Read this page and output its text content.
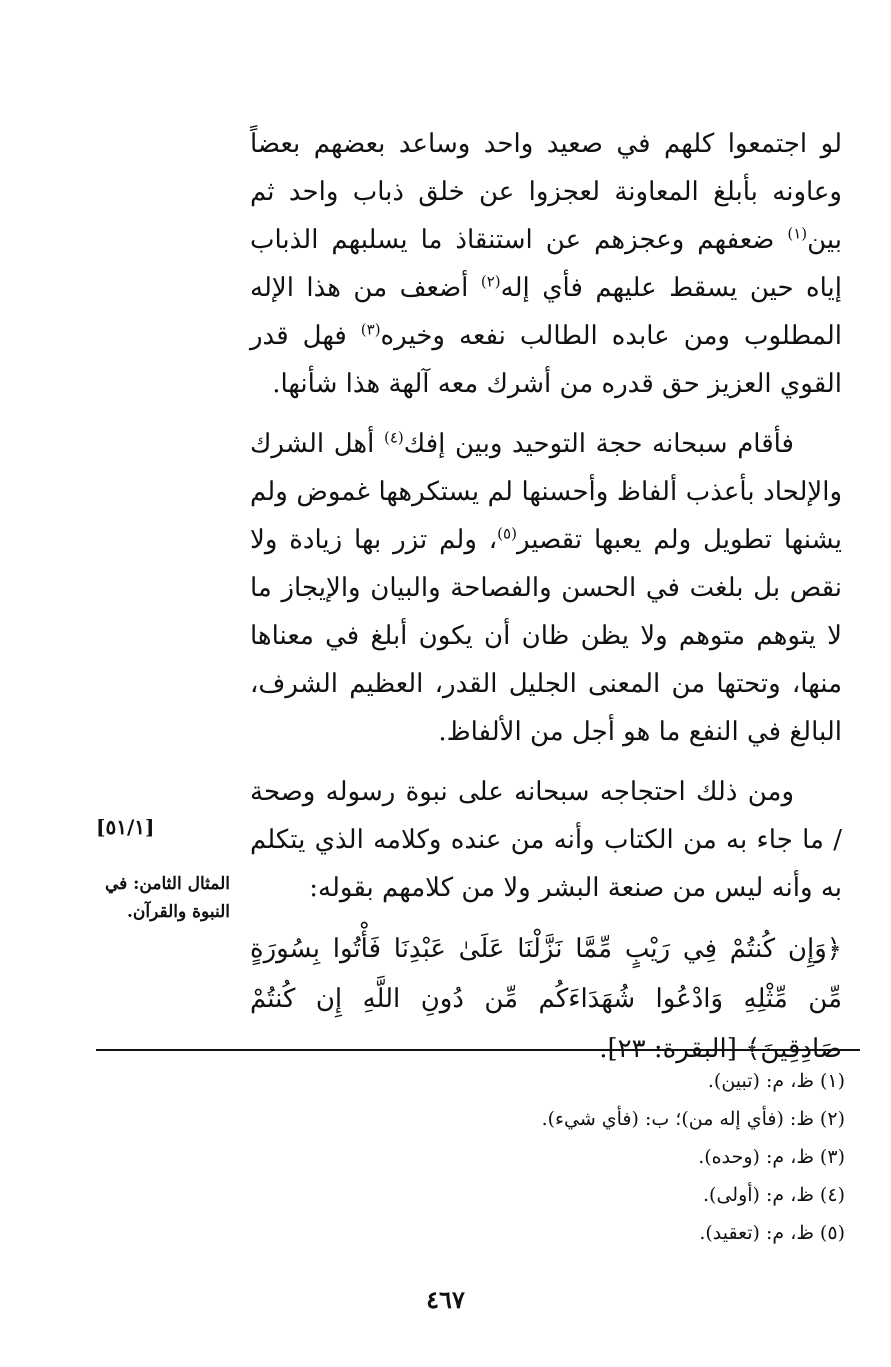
لو اجتمعوا كلهم في صعيد واحد وساعد بعضهم بعضاً وعاونه بأبلغ المعاونة لعجزوا عن خلق ذباب واحد ثم بين$^{(١)}$ ضعفهم وعجزهم عن استنقاذ ما يسلبهم الذباب إياه حين يسقط عليهم فأي إله$^{(٢)}$ أضعف من هذا الإله المطلوب ومن عابده الطالب نفعه وخيره$^{(٣)}$ فهل قدر القوي العزيز حق قدره من أشرك معه آلهة هذا شأنها.

فأقام سبحانه حجة التوحيد وبين إفك$^{(٤)}$ أهل الشرك والإلحاد بأعذب ألفاظ وأحسنها لم يستكرهها غموض ولم يشنها تطويل ولم يعبها تقصير$^{(٥)}$، ولم تزر بها زيادة ولا نقص بل بلغت في الحسن والفصاحة والبيان والإيجاز ما لا يتوهم متوهم ولا يظن ظان أن يكون أبلغ في معناها منها، وتحتها من المعنى الجليل القدر، العظيم الشرف، البالغ في النفع ما هو أجل من الألفاظ.

ومن ذلك احتجاجه سبحانه على نبوة رسوله وصحة / ما جاء به من الكتاب وأنه من عنده وكلامه الذي يتكلم به وأنه ليس من صنعة البشر ولا من كلامهم بقوله:

﴿وَإِن كُنتُمْ فِي رَيْبٍ مِّمَّا نَزَّلْنَا عَلَىٰ عَبْدِنَا فَأْتُوا بِسُورَةٍ مِّن مِّثْلِهِ وَادْعُوا شُهَدَاءَكُم مِّن دُونِ اللَّهِ إِن كُنتُمْ صَادِقِينَ﴾ [البقرة: ٢٣].

[٥١/١]
المثال الثامن: في النبوة والقرآن.
(١) ظ، م: (تبين).
(٢) ظ: (فأي إله من)؛ ب: (فأي شيء).
(٣) ظ، م: (وحده).
(٤) ظ، م: (أولى).
(٥) ظ، م: (تعقيد).
٤٦٧
